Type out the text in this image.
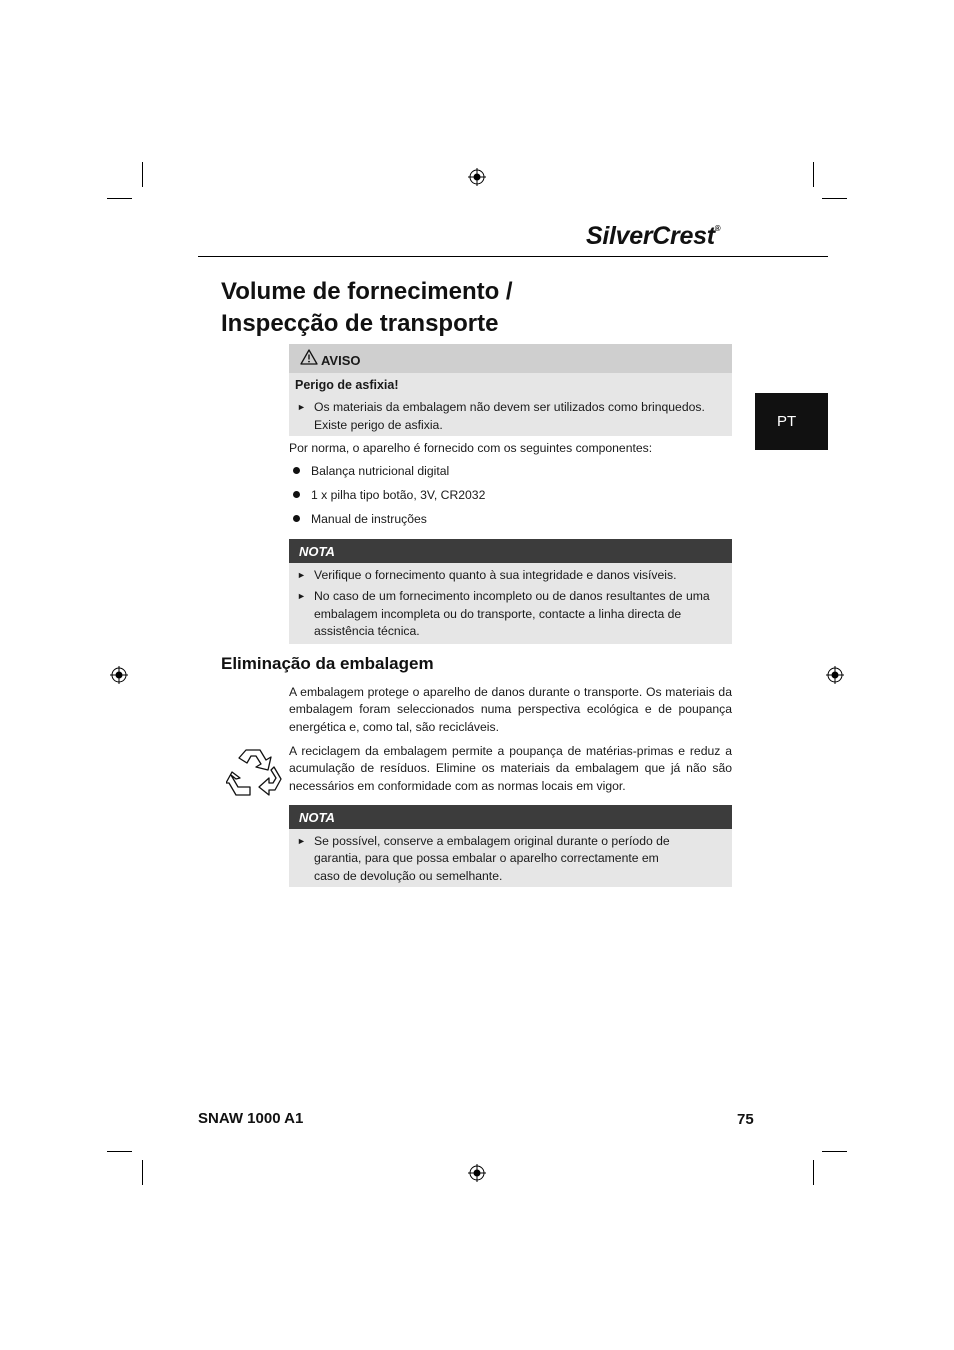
SilverCrest®
PT
Volume de fornecimento /
Inspecção de transporte
AVISO
Perigo de asfixia!
► Os materiais da embalagem não devem ser utilizados como brinquedos. Existe perigo de asfixia.
Por norma, o aparelho é fornecido com os seguintes componentes:
Balança nutricional digital
1 x pilha tipo botão, 3V, CR2032
Manual de instruções
NOTA
► Verifique o fornecimento quanto à sua integridade e danos visíveis.
► No caso de um fornecimento incompleto ou de danos resultantes de uma embalagem incompleta ou do transporte, contacte a linha directa de assistência técnica.
Eliminação da embalagem
A embalagem protege o aparelho de danos durante o transporte. Os materiais da embalagem foram seleccionados numa perspectiva ecológica e de poupança energética e, como tal, são recicláveis.
A reciclagem da embalagem permite a poupança de matérias-primas e reduz a acumulação de resíduos. Elimine os materiais da embalagem que já não são necessários em conformidade com as normas locais em vigor.
NOTA
► Se possível, conserve a embalagem original durante o período de garantia, para que possa embalar o aparelho correctamente em caso de devolução ou semelhante.
SNAW 1000 A1	75
